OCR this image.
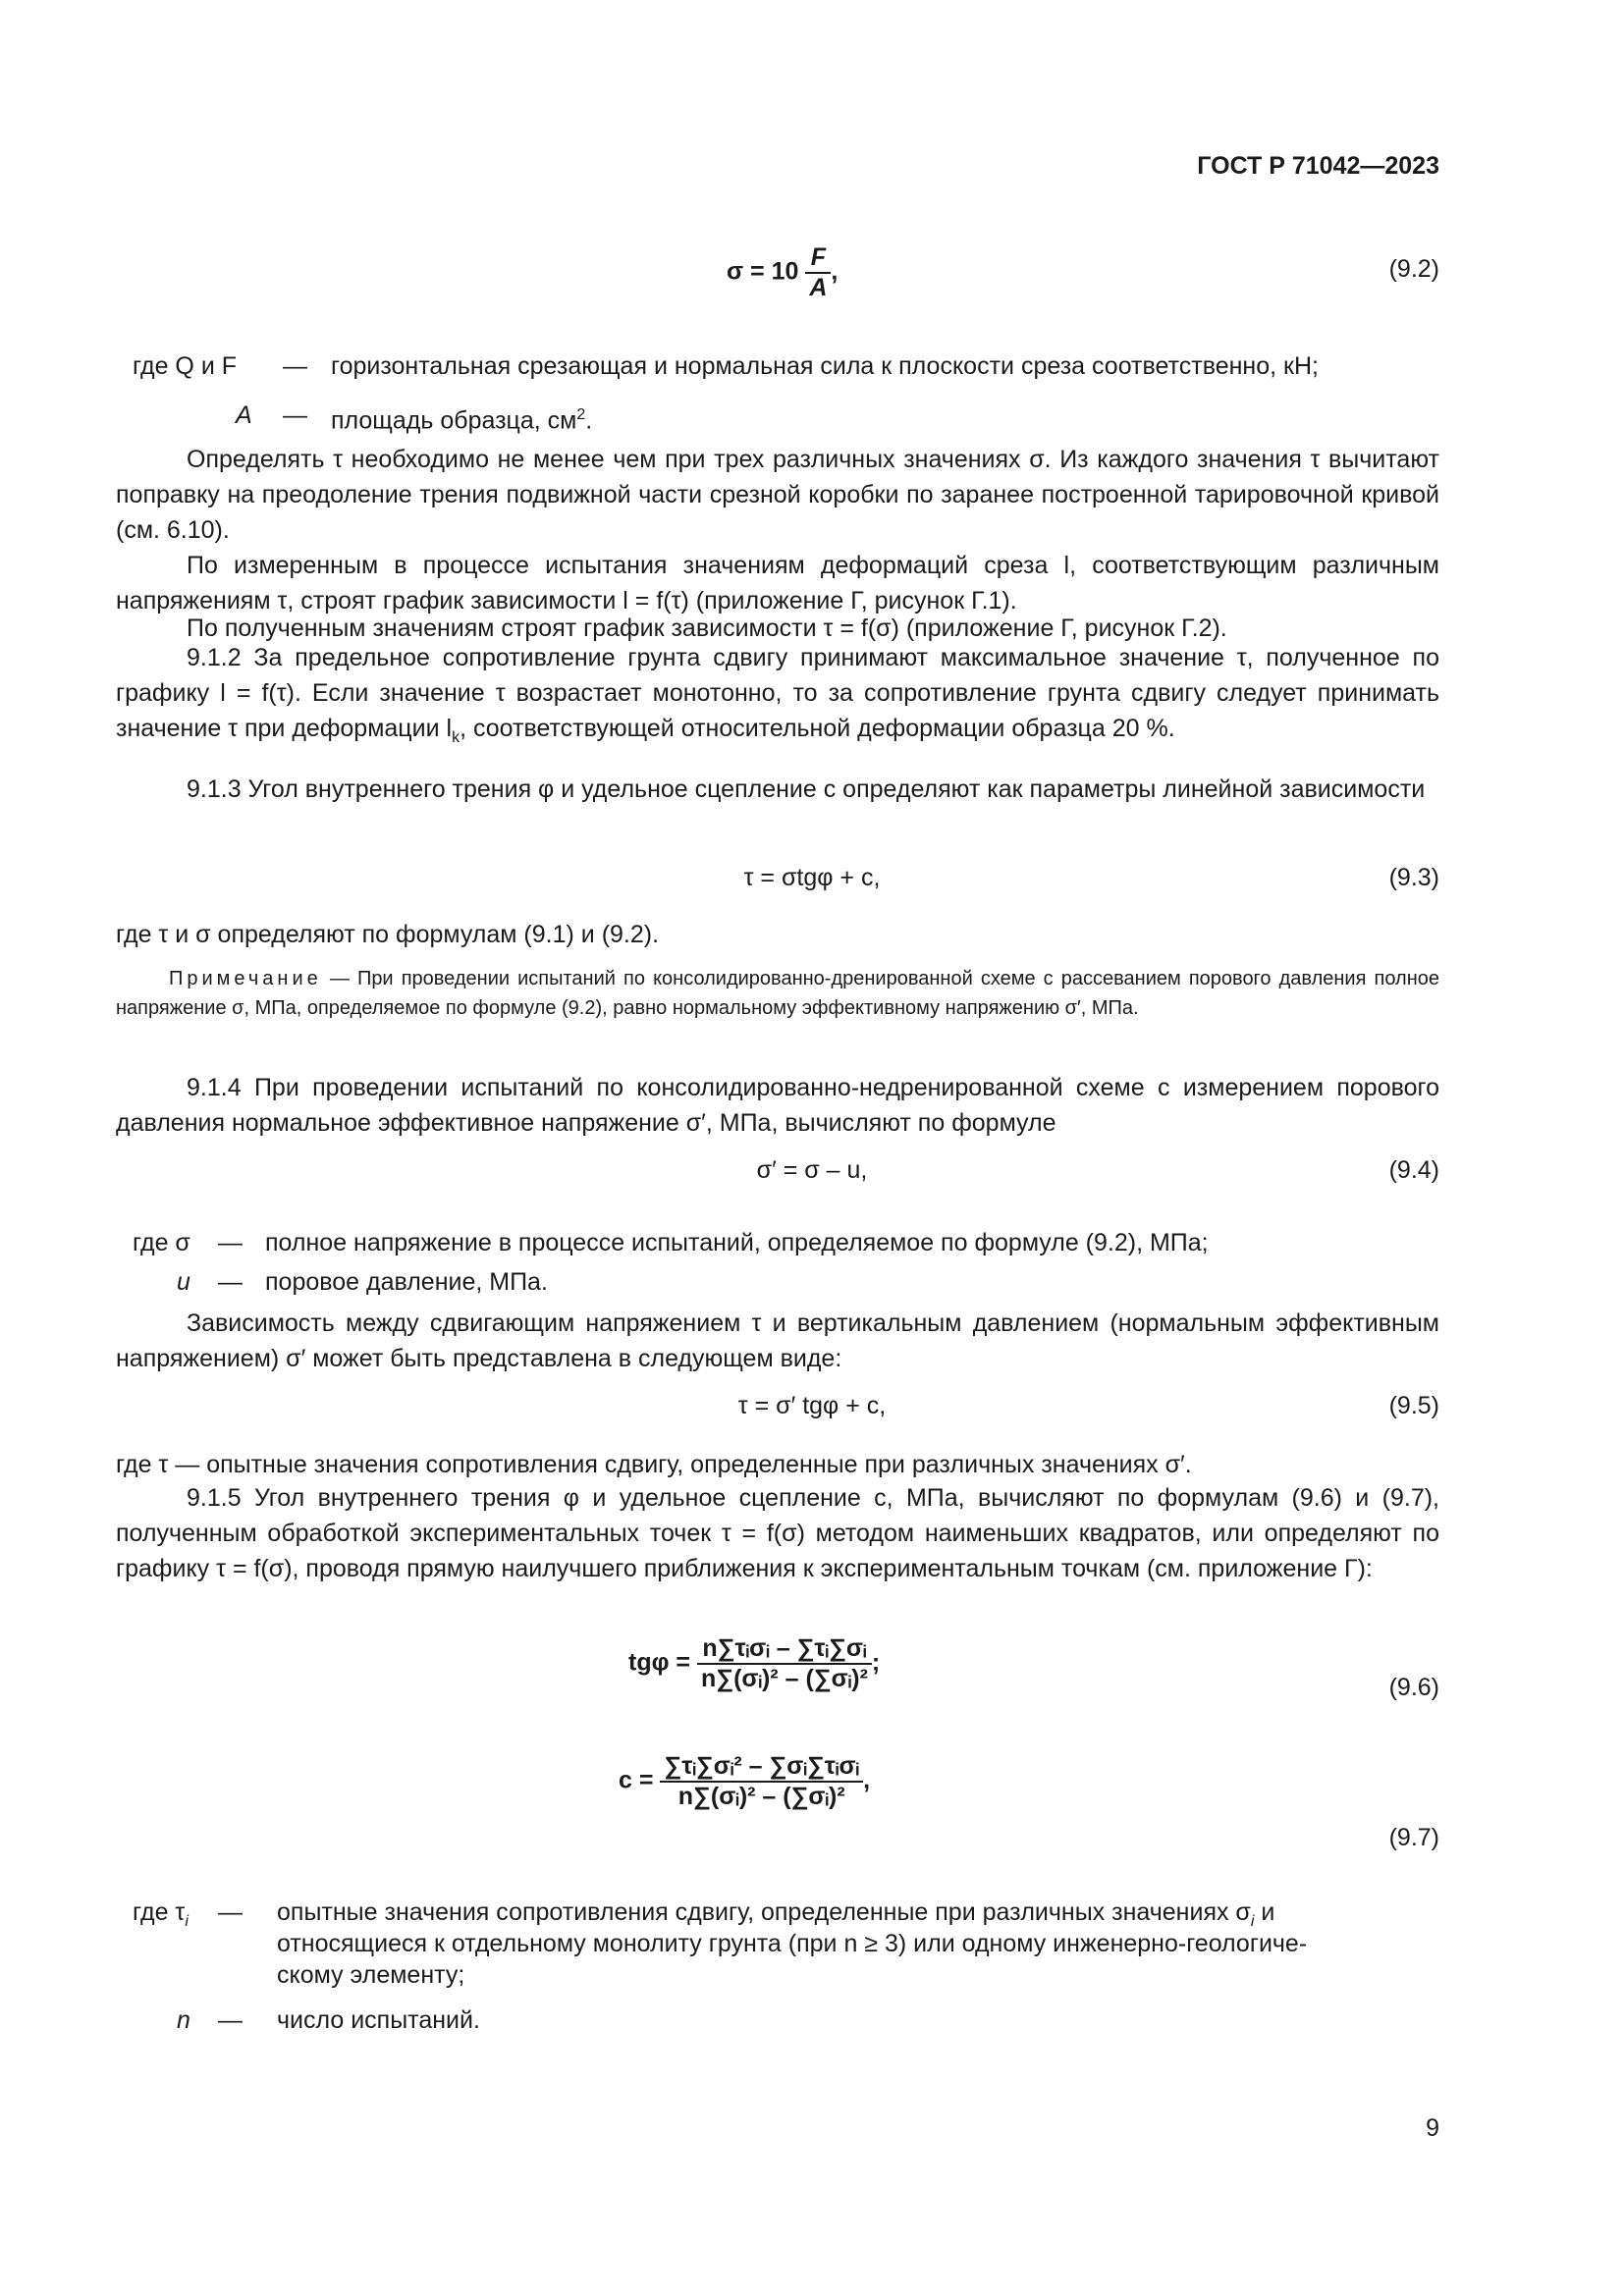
ГОСТ Р 71042—2023
$\sigma = 10 \frac{F}{A}$ ,	(9.2)
где Q и F — горизонтальная срезающая и нормальная сила к плоскости среза соответственно, кН;
A — площадь образца, $см^2$.
Определять τ необходимо не менее чем при трех различных значениях σ. Из каждого значения τ вычитают поправку на преодоление трения подвижной части срезной коробки по заранее построенной тарировочной кривой (см. 6.10).
По измеренным в процессе испытания значениям деформаций среза l, соответствующим различным напряжениям τ, строят график зависимости l = f(τ) (приложение Г, рисунок Г.1).
По полученным значениям строят график зависимости τ = f(σ) (приложение Г, рисунок Г.2).
9.1.2 За предельное сопротивление грунта сдвигу принимают максимальное значение τ, полученное по графику l = f(τ). Если значение τ возрастает монотонно, то за сопротивление грунта сдвигу следует принимать значение τ при деформации $l_k$, соответствующей относительной деформации образца 20 %.
9.1.3 Угол внутреннего трения φ и удельное сцепление c определяют как параметры линейной зависимости
τ = σtgφ + c,	(9.3)
где τ и σ определяют по формулам (9.1) и (9.2).
Примечание — При проведении испытаний по консолидированно-дренированной схеме с рассеванием порового давления полное напряжение σ, МПа, определяемое по формуле (9.2), равно нормальному эффективному напряжению σ′, МПа.
9.1.4 При проведении испытаний по консолидированно-недренированной схеме с измерением порового давления нормальное эффективное напряжение σ′, МПа, вычисляют по формуле
σ′ = σ – u,	(9.4)
где σ — полное напряжение в процессе испытаний, определяемое по формуле (9.2), МПа;
u — поровое давление, МПа.
Зависимость между сдвигающим напряжением τ и вертикальным давлением (нормальным эффективным напряжением) σ′ может быть представлена в следующем виде:
τ = σ′ tgφ + c,	(9.5)
где τ — опытные значения сопротивления сдвигу, определенные при различных значениях σ′.
9.1.5 Угол внутреннего трения φ и удельное сцепление c, МПа, вычисляют по формулам (9.6) и (9.7), полученным обработкой экспериментальных точек τ = f(σ) методом наименьших квадратов, или определяют по графику τ = f(σ), проводя прямую наилучшего приближения к экспериментальным точкам (см. приложение Г):
$tg\varphi = \frac{\text{n∑τᵢσᵢ – ∑τᵢ∑σᵢ}}{\text{n∑(σᵢ)² – (∑σᵢ)²}}$ ;
(9.6)
$c = \frac{\text{∑τᵢ∑σᵢ² – ∑σᵢ∑τᵢσᵢ}}{\text{n∑(σᵢ)² – (∑σᵢ)²}}$ ,
(9.7)
где $\tau_i$ — опытные значения сопротивления сдвигу, определенные при различных значениях $\sigma_i$ и
относящиеся к отдельному монолиту грунта (при n ≥ 3) или одному инженерно-геологиче-
скому элементу;
n — число испытаний.
9
